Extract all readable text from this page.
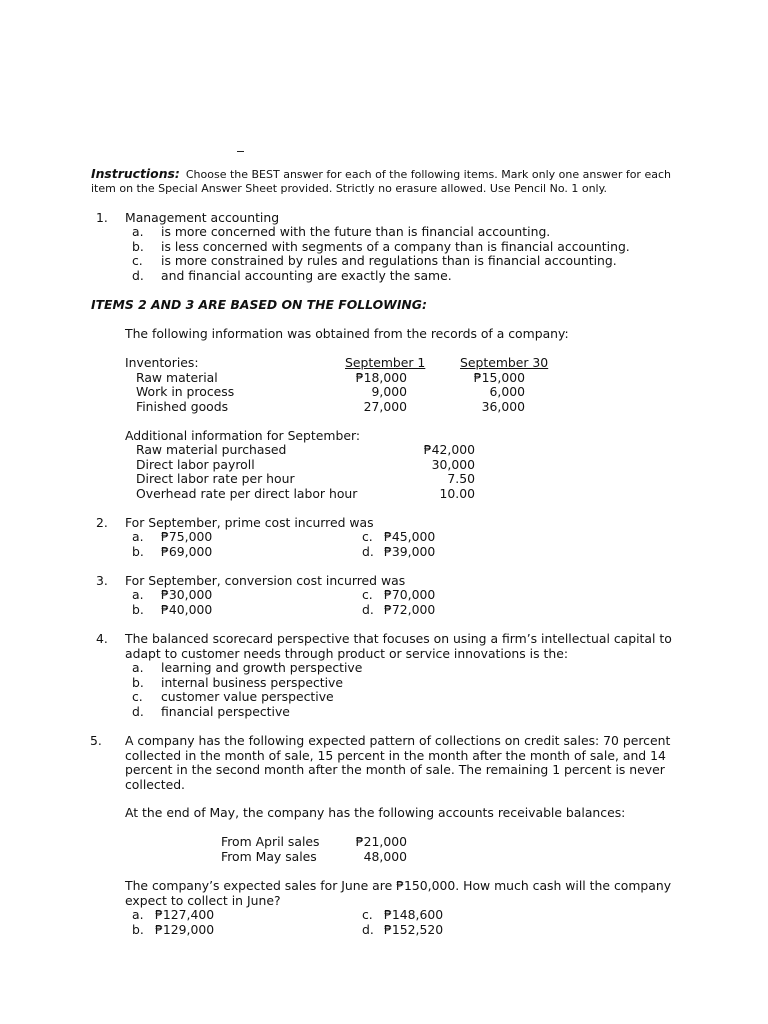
Instructions: Choose the BEST answer for each of the following items. Mark only one answer for each
item on the Special Answer Sheet provided. Strictly no erasure allowed. Use Pencil No. 1 only.
1. Management accounting
a. is more concerned with the future than is financial accounting.
b. is less concerned with segments of a company than is financial accounting.
c. is more constrained by rules and regulations than is financial accounting.
d. and financial accounting are exactly the same.
ITEMS 2 AND 3 ARE BASED ON THE FOLLOWING:
The following information was obtained from the records of a company:
Inventories:	September 1	September 30
Raw material	₱18,000	₱15,000
Work in process	9,000	6,000
Finished goods	27,000	36,000
Additional information for September:
Raw material purchased	₱42,000
Direct labor payroll	30,000
Direct labor rate per hour	7.50
Overhead rate per direct labor hour	10.00
2. For September, prime cost incurred was
a. ₱75,000
b. ₱69,000
c. ₱45,000
d. ₱39,000
3. For September, conversion cost incurred was
a. ₱30,000
b. ₱40,000
c. ₱70,000
d. ₱72,000
4. The balanced scorecard perspective that focuses on using a firm’s intellectual capital to
adapt to customer needs through product or service innovations is the:
a. learning and growth perspective
b. internal business perspective
c. customer value perspective
d. financial perspective
5. A company has the following expected pattern of collections on credit sales: 70 percent
collected in the month of sale, 15 percent in the month after the month of sale, and 14
percent in the second month after the month of sale. The remaining 1 percent is never
collected.
At the end of May, the company has the following accounts receivable balances:
From April sales	₱21,000
From May sales	48,000
The company’s expected sales for June are ₱150,000. How much cash will the company
expect to collect in June?
a. ₱127,400
b. ₱129,000
c. ₱148,600
d. ₱152,520
